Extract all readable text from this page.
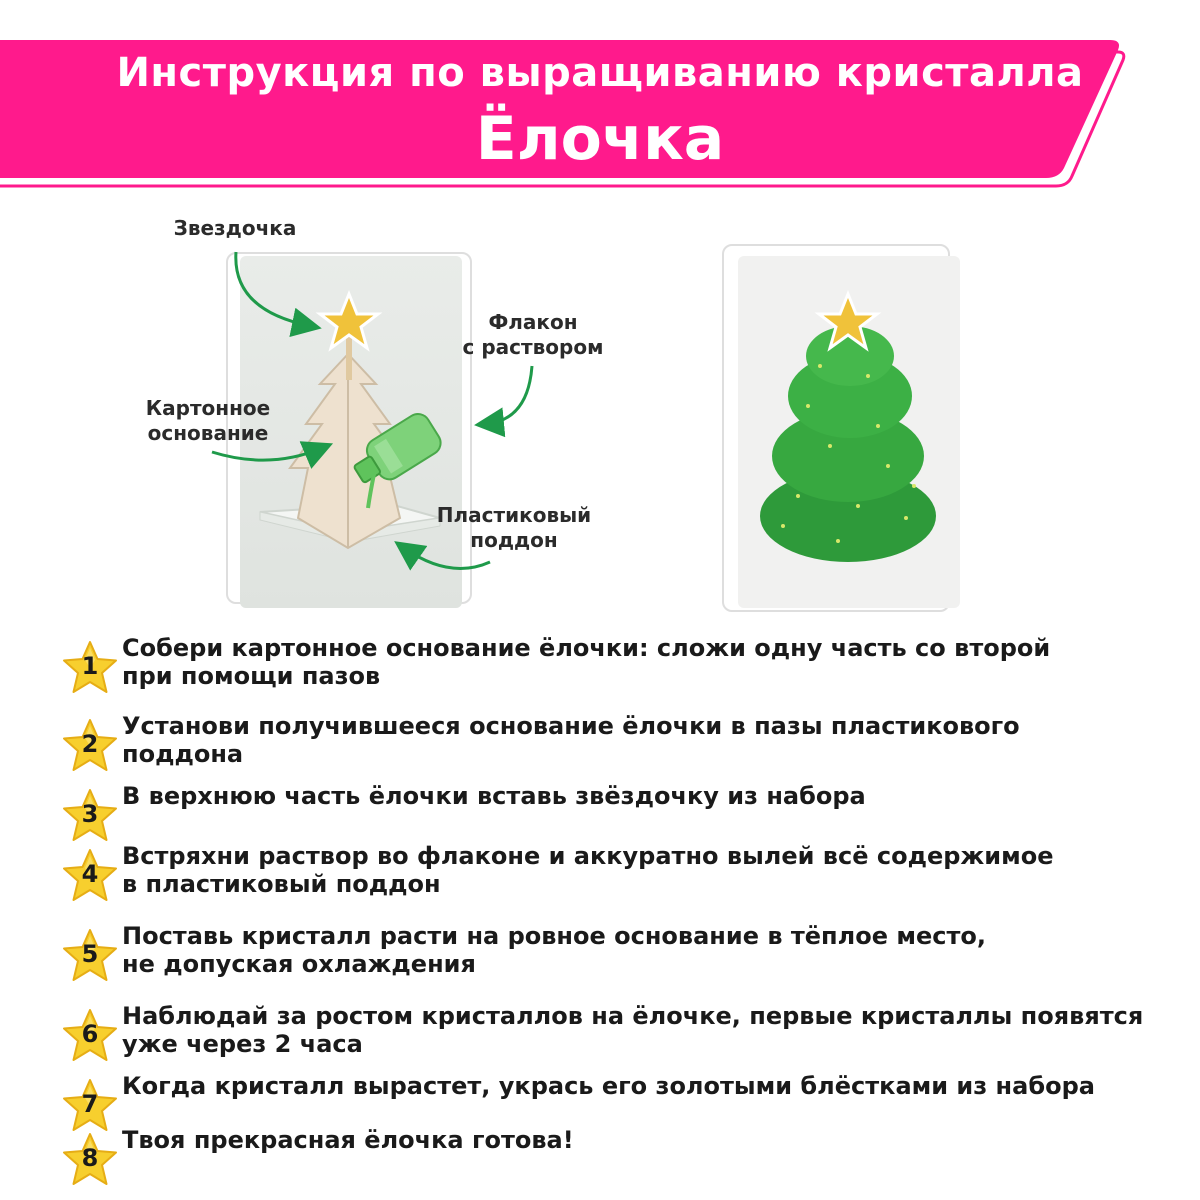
Инструкция по выращиванию кристалла
Ёлочка
Звездочка
Флакон
с раствором
Картонное
основание
Пластиковый
поддон
1
Собери картонное основание ёлочки: сложи одну часть со второй
при помощи пазов
2
Установи получившееся основание ёлочки в пазы пластикового
поддона
3
В верхнюю часть ёлочки вставь звёздочку из набора
4
Встряхни раствор во флаконе и аккуратно вылей всё содержимое
в пластиковый поддон
5
Поставь кристалл расти на ровное основание в тёплое место,
не допуская охлаждения
6
Наблюдай за ростом кристаллов на ёлочке, первые кристаллы появятся
уже через 2 часа
7
Когда кристалл вырастет, укрась его золотыми блёстками из набора
8
Твоя прекрасная ёлочка готова!
